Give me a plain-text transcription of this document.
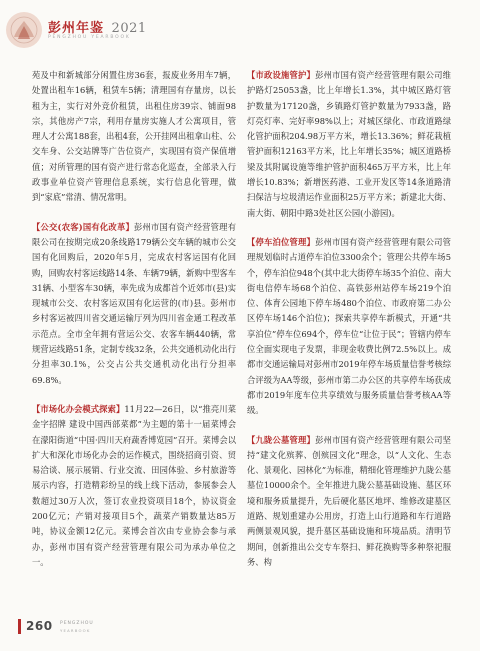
彭州年鉴 2021
PENGZHOU YEARBOOK

苑及中和新城部分闲置住房36套，报废业务用车7辆，处置出租车16辆，租赁车5辆；清理国有存量房，以长租为主，实行对外竞价租赁，出租住房39宗、铺面98宗，其他房产7宗，利用存量房实施人才公寓项目，管理人才公寓188套，出租4套，公开挂网出租拿山柱、公交车身、公交站牌等广告位资产，实现国有资产保值增值；对所管理的国有资产进行常态化巡查，全部录入行政事业单位资产管理信息系统，实行信息化管理，做到“家底”常清、情况常明。

【公交(农客)国有化改革】彭州市国有资产经营管理有限公司在按期完成20条线路179辆公交车辆的城市公交国有化回购后，2020年5月，完成农村客运国有化回购，回购农村客运线路14条、车辆79辆，新购中型客车31辆、小型客车30辆，率先成为成都首个近郊市(县)实现城市公交、农村客运双国有化运营的(市)县。彭州市乡村客运被四川省交通运输厅列为四川省金通工程改革示范点。全市全年拥有营运公交、农客车辆440辆，常规营运线路51条，定制专线32条，公共交通机动化出行分担率30.1%，公交占公共交通机动化出行分担率69.8%。

【市场化办会模式探索】11月22—26日，以“推亮川菜金字招牌 建设中国西部菜都”为主题的第十一届菜博会在濛阳街道“中国·四川天府蔬香博览园”召开。菜博会以扩大和深化市场化办会的运作模式，围绕招商引资、贸易洽谈、展示展销、行业交流、田园体验、乡村旅游等展示内容，打造精彩纷呈的线上线下活动，参展参会人数超过30万人次，签订农业投资项目18个，协议资金200亿元；产销对接项目5个，蔬菜产销数量达85万吨，协议金额12亿元。菜博会首次由专业协会参与承办，彭州市国有资产经营管理有限公司为承办单位之一。

【市政设施管护】彭州市国有资产经营管理有限公司维护路灯25053盏，比上年增长1.3%，其中城区路灯管护数量为17120盏，乡镇路灯管护数量为7933盏，路灯亮灯率、完好率98%以上；对城区绿化、市政道路绿化管护面积204.98万平方米，增长13.36%；鲜花栽植管护面积12163平方米，比上年增长35%；城区道路桥梁及其附属设施等维护管护面积465万平方米，比上年增长10.83%；新增医药港、工业开发区等14条道路清扫保洁与垃圾清运作业面积25万平方米；新建北大街、南大街、朝阳中路3处社区公园(小游园)。

【停车泊位管理】彭州市国有资产经营管理有限公司管理规划临时占道停车泊位3300余个；管理公共停车场5个，停车泊位948个(其中北大街停车场35个泊位、南大街电信停车场68个泊位、高铁彭州站停车场219个泊位、体育公园地下停车场480个泊位、市政府第二办公区停车场146个泊位)；探索共享停车新模式，开通“共享泊位”停车位694个，停车位“让位于民”；管辖内停车位全面实现电子发票，非现金收费比例72.5%以上。成都市交通运输局对彭州市2019年停车场质量信誉考核综合评级为AA等级，彭州市第二办公区的共享停车场获成都市2019年度车位共享绩效与服务质量信誉考核AA等级。

【九陇公墓管理】彭州市国有资产经营管理有限公司坚持“建文化殡葬、创殡园文化”理念，以“人文化、生态化、景观化、园林化”为标准，精细化管理维护九陇公墓墓位10000余个。全年推进九陇公墓基础设施、墓区环境和服务质量提升，先后硬化墓区地坪、维修改建墓区道路、规划重建办公用房，打造上山行道路和车行道路两侧景观风貌，提升墓区基础设施和环境品质。清明节期间，创新推出公交专车祭扫、鲜花换购等多种祭祀服务、构

260 PENGZHOU
YEARBOOK
